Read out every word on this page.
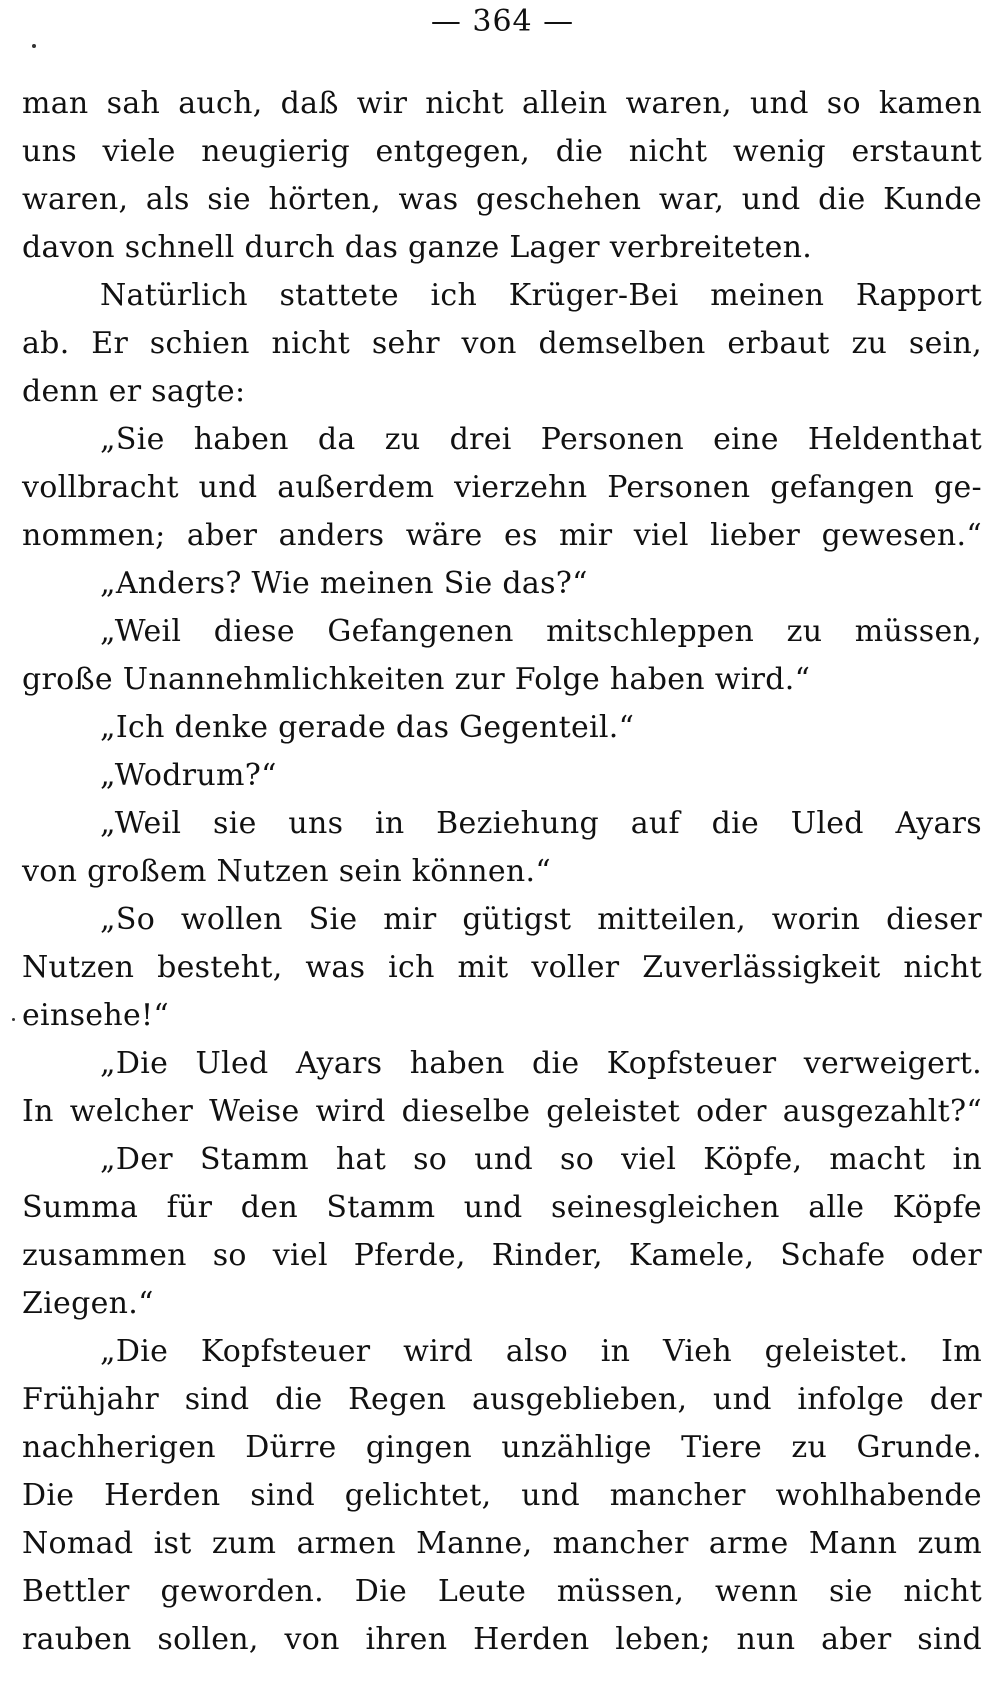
— 364 —
man sah auch, daß wir nicht allein waren, und so kamen
uns viele neugierig entgegen, die nicht wenig erstaunt
waren, als sie hörten, was geschehen war, und die Kunde
davon schnell durch das ganze Lager verbreiteten.
Natürlich stattete ich Krüger-Bei meinen Rapport
ab. Er schien nicht sehr von demselben erbaut zu sein,
denn er sagte:
„Sie haben da zu drei Personen eine Heldenthat
vollbracht und außerdem vierzehn Personen gefangen ge-
nommen; aber anders wäre es mir viel lieber gewesen.“
„Anders? Wie meinen Sie das?“
„Weil diese Gefangenen mitschleppen zu müssen,
große Unannehmlichkeiten zur Folge haben wird.“
„Ich denke gerade das Gegenteil.“
„Wodrum?“
„Weil sie uns in Beziehung auf die Uled Ayars
von großem Nutzen sein können.“
„So wollen Sie mir gütigst mitteilen, worin dieser
Nutzen besteht, was ich mit voller Zuverlässigkeit nicht
einsehe!“
„Die Uled Ayars haben die Kopfsteuer verweigert.
In welcher Weise wird dieselbe geleistet oder ausgezahlt?“
„Der Stamm hat so und so viel Köpfe, macht in
Summa für den Stamm und seinesgleichen alle Köpfe
zusammen so viel Pferde, Rinder, Kamele, Schafe oder
Ziegen.“
„Die Kopfsteuer wird also in Vieh geleistet. Im
Frühjahr sind die Regen ausgeblieben, und infolge der
nachherigen Dürre gingen unzählige Tiere zu Grunde.
Die Herden sind gelichtet, und mancher wohlhabende
Nomad ist zum armen Manne, mancher arme Mann zum
Bettler geworden. Die Leute müssen, wenn sie nicht
rauben sollen, von ihren Herden leben; nun aber sind
